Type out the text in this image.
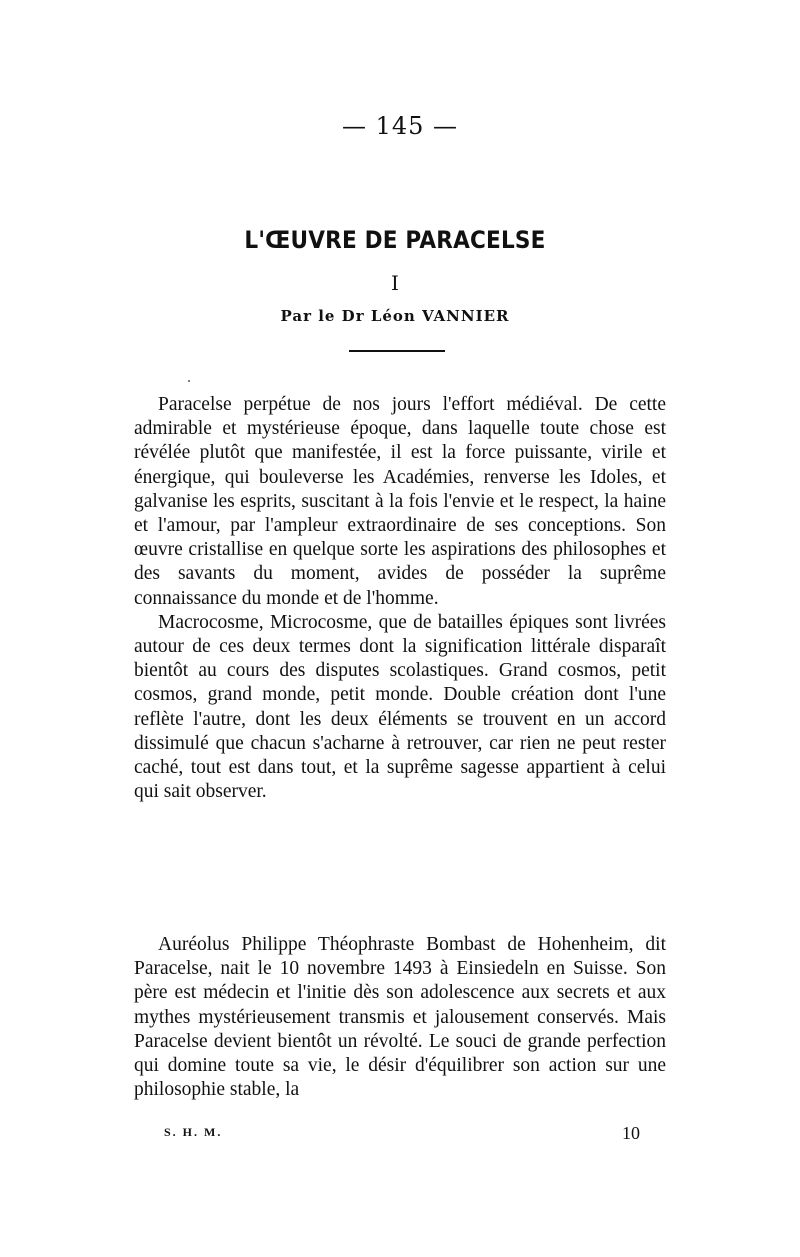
— 145 —
L'ŒUVRE DE PARACELSE
I
Par le Dr Léon VANNIER

Paracelse perpétue de nos jours l'effort médiéval. De cette admirable et mystérieuse époque, dans laquelle toute chose est révélée plutôt que manifestée, il est la force puissante, virile et énergique, qui bouleverse les Académies, renverse les Idoles, et galvanise les esprits, suscitant à la fois l'envie et le respect, la haine et l'amour, par l'ampleur extraordinaire de ses conceptions. Son œuvre cristallise en quelque sorte les aspirations des philosophes et des savants du moment, avides de posséder la suprême connaissance du monde et de l'homme.

Macrocosme, Microcosme, que de batailles épiques sont livrées autour de ces deux termes dont la signification littérale disparaît bientôt au cours des disputes scolastiques. Grand cosmos, petit cosmos, grand monde, petit monde. Double création dont l'une reflète l'autre, dont les deux éléments se trouvent en un accord dissimulé que chacun s'acharne à retrouver, car rien ne peut rester caché, tout est dans tout, et la suprême sagesse appartient à celui qui sait observer.

Auréolus Philippe Théophraste Bombast de Hohenheim, dit Paracelse, nait le 10 novembre 1493 à Einsiedeln en Suisse. Son père est médecin et l'initie dès son adolescence aux secrets et aux mythes mystérieusement transmis et jalousement conservés. Mais Paracelse devient bientôt un révolté. Le souci de grande perfection qui domine toute sa vie, le désir d'équilibrer son action sur une philosophie stable, la

S. H. M.	10
